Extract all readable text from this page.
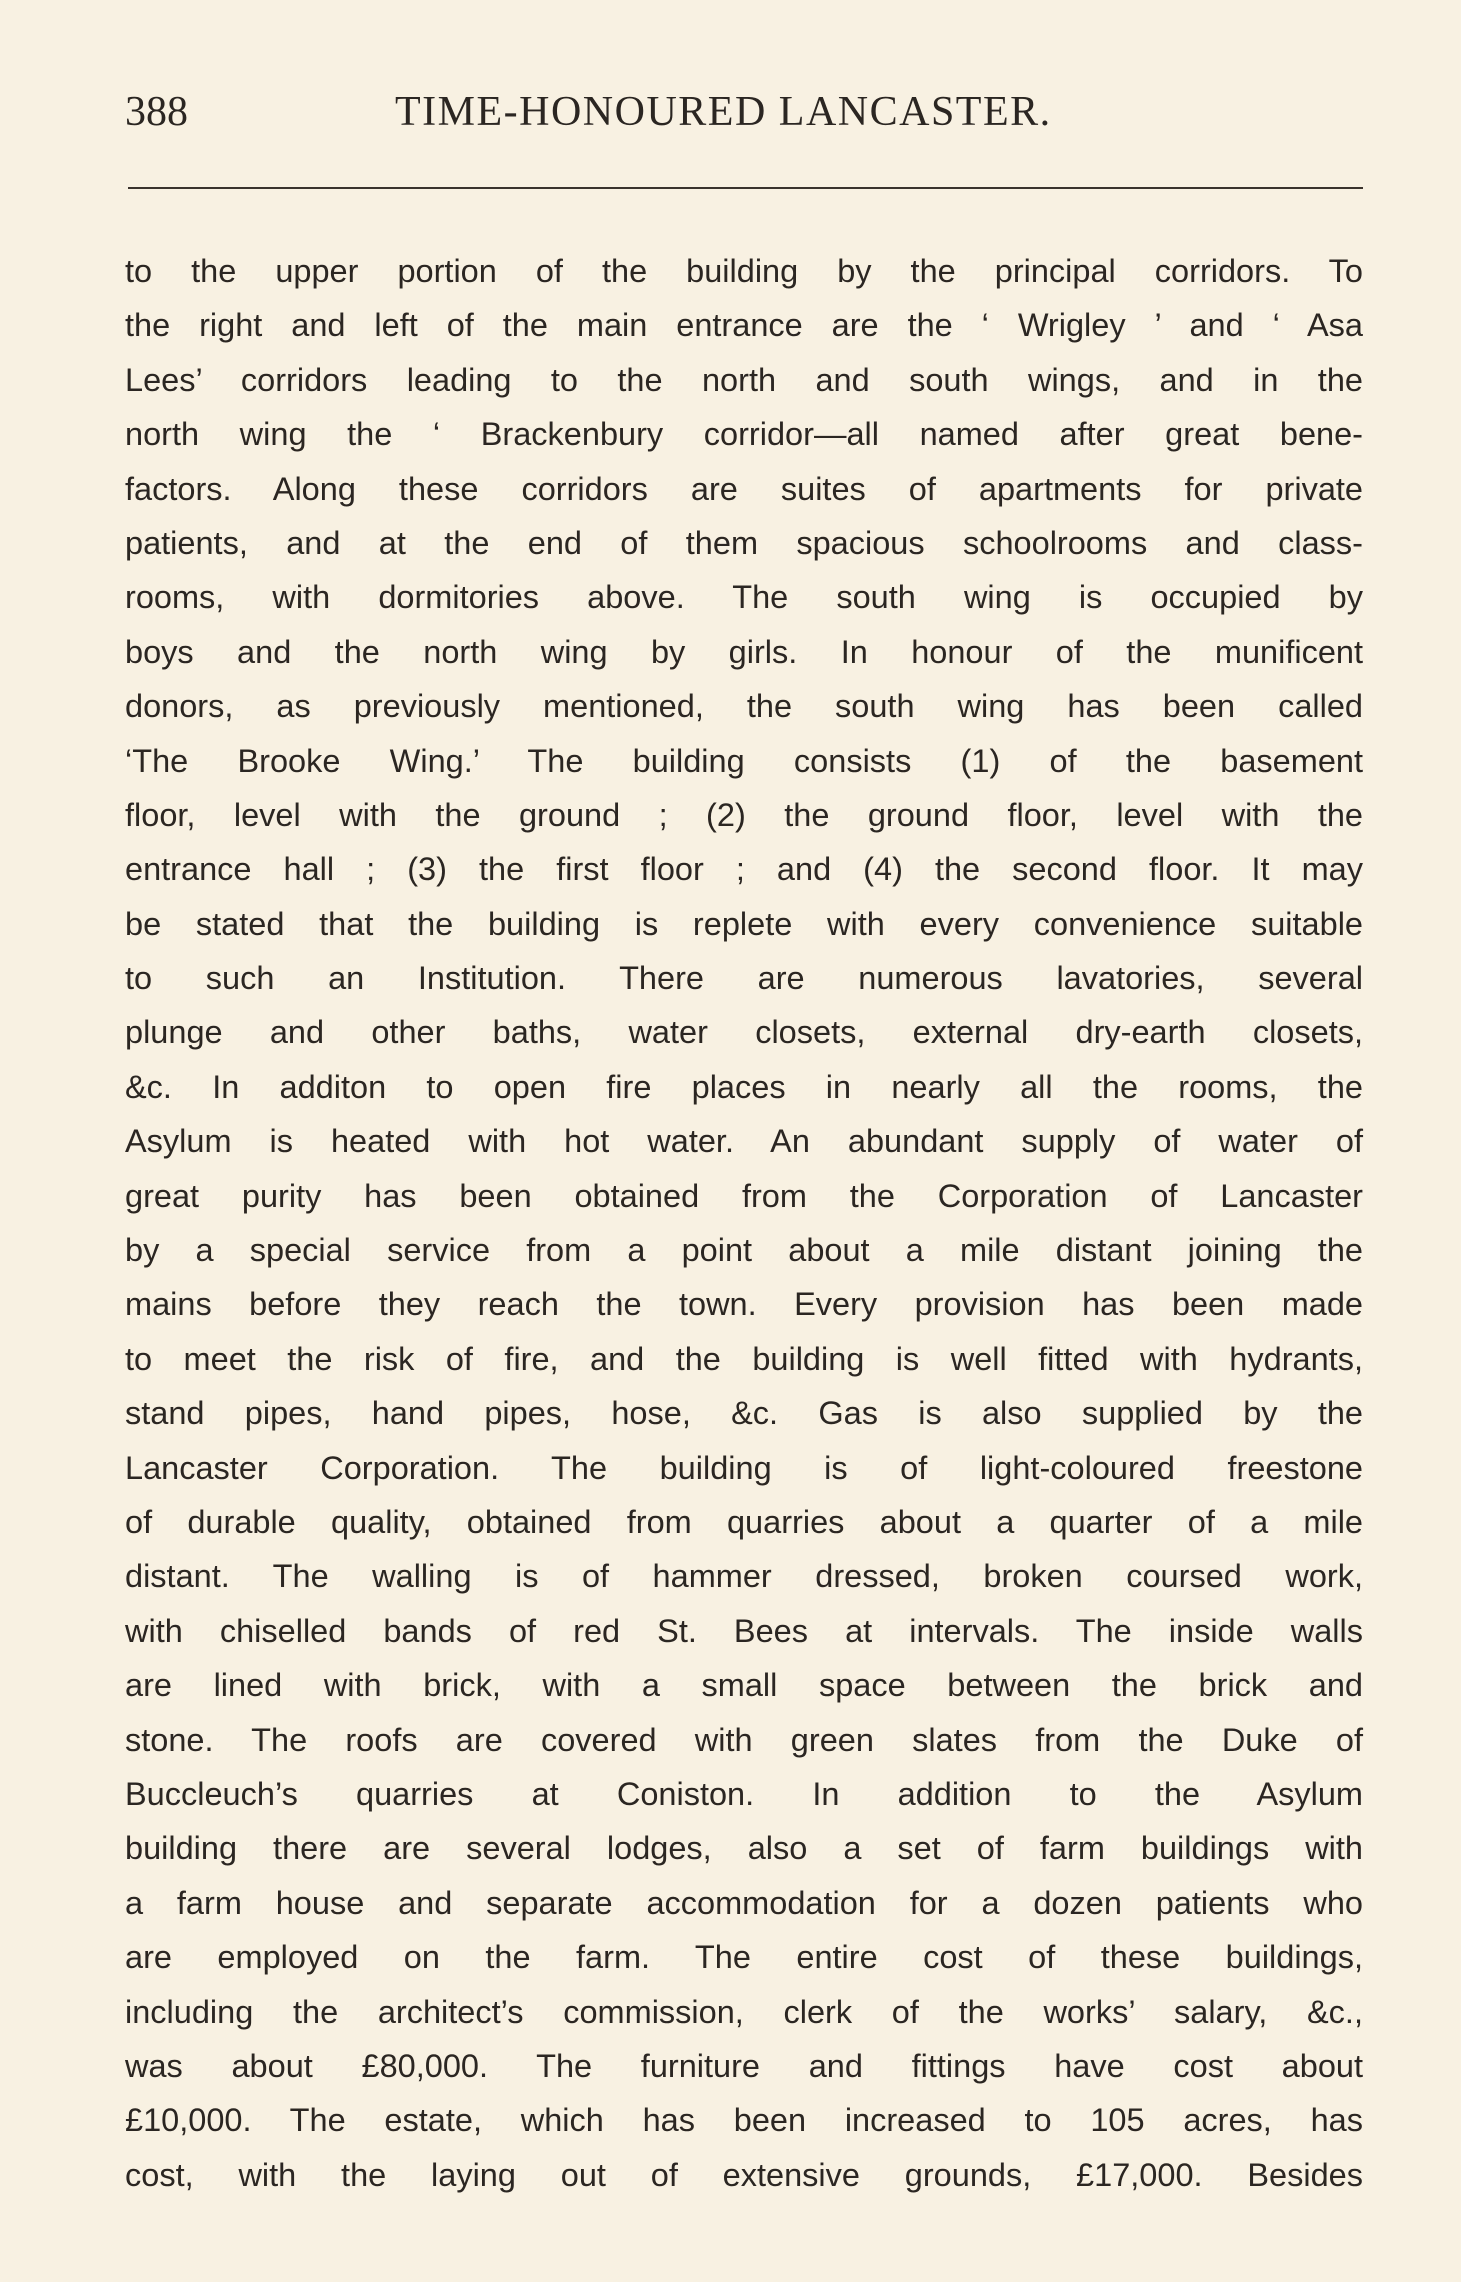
388	TIME-HONOURED LANCASTER.
to the upper portion of the building by the principal corridors. To
the right and left of the main entrance are the ‘ Wrigley ’ and ‘ Asa
Lees’ corridors leading to the north and south wings, and in the
north wing the ‘ Brackenbury corridor—all named after great bene-
factors. Along these corridors are suites of apartments for private
patients, and at the end of them spacious schoolrooms and class-
rooms, with dormitories above. The south wing is occupied by
boys and the north wing by girls. In honour of the munificent
donors, as previously mentioned, the south wing has been called
‘The Brooke Wing.’ The building consists (1) of the basement
floor, level with the ground ; (2) the ground floor, level with the
entrance hall ; (3) the first floor ; and (4) the second floor. It may
be stated that the building is replete with every convenience suitable
to such an Institution. There are numerous lavatories, several
plunge and other baths, water closets, external dry-earth closets,
&c. In additon to open fire places in nearly all the rooms, the
Asylum is heated with hot water. An abundant supply of water of
great purity has been obtained from the Corporation of Lancaster
by a special service from a point about a mile distant joining the
mains before they reach the town. Every provision has been made
to meet the risk of fire, and the building is well fitted with hydrants,
stand pipes, hand pipes, hose, &c. Gas is also supplied by the
Lancaster Corporation. The building is of light-coloured freestone
of durable quality, obtained from quarries about a quarter of a mile
distant. The walling is of hammer dressed, broken coursed work,
with chiselled bands of red St. Bees at intervals. The inside walls
are lined with brick, with a small space between the brick and
stone. The roofs are covered with green slates from the Duke of
Buccleuch’s quarries at Coniston. In addition to the Asylum
building there are several lodges, also a set of farm buildings with
a farm house and separate accommodation for a dozen patients who
are employed on the farm. The entire cost of these buildings,
including the architect’s commission, clerk of the works’ salary, &c.,
was about £80,000. The furniture and fittings have cost about
£10,000. The estate, which has been increased to 105 acres, has
cost, with the laying out of extensive grounds, £17,000. Besides
